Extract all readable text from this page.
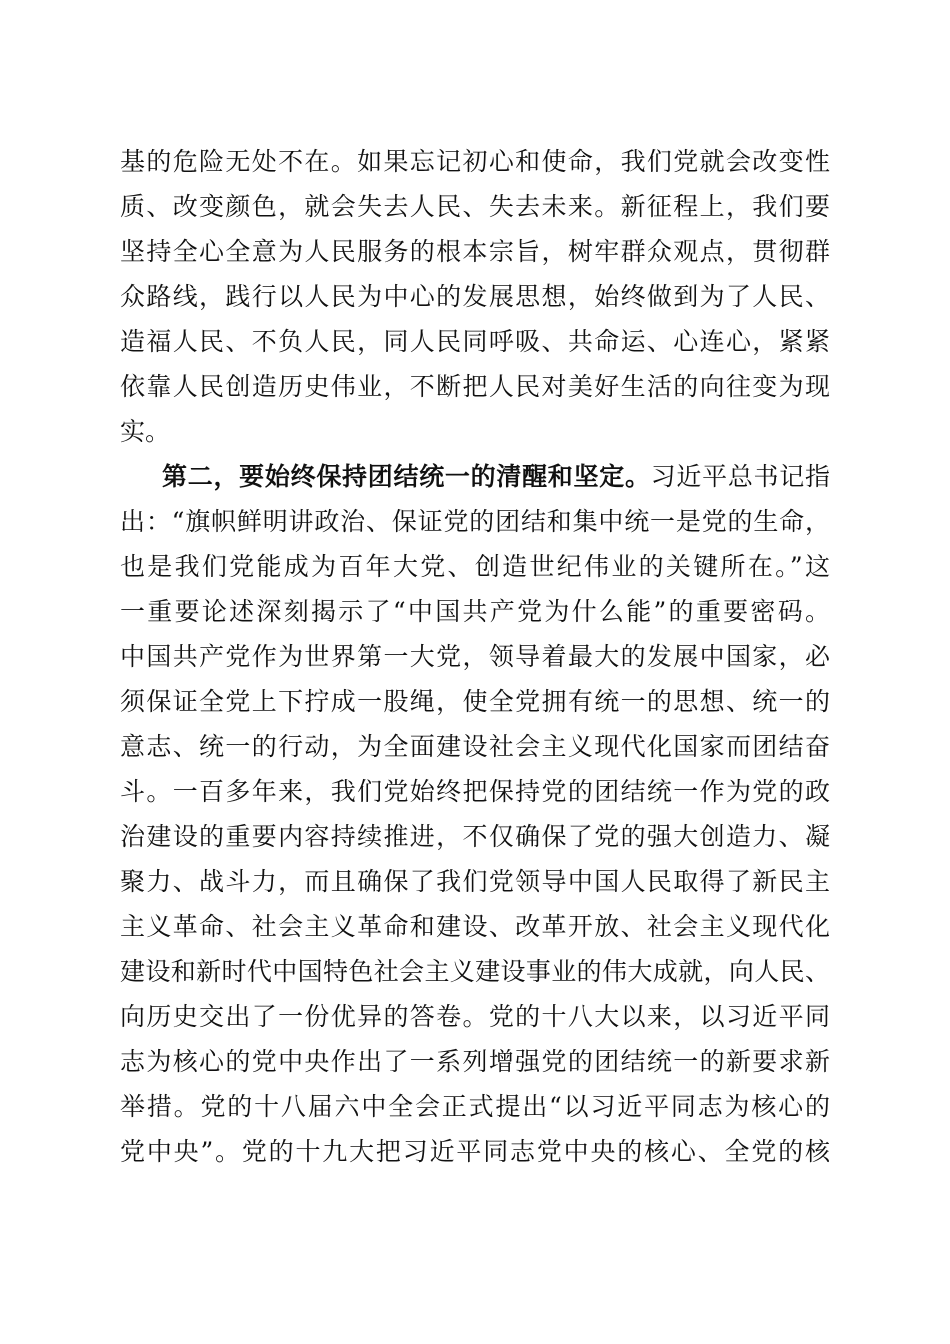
基的危险无处不在。如果忘记初心和使命，我们党就会改变性
质、改变颜色，就会失去人民、失去未来。新征程上，我们要
坚持全心全意为人民服务的根本宗旨，树牢群众观点，贯彻群
众路线，践行以人民为中心的发展思想，始终做到为了人民、
造福人民、不负人民，同人民同呼吸、共命运、心连心，紧紧
依靠人民创造历史伟业，不断把人民对美好生活的向往变为现
实。
第二，要始终保持团结统一的清醒和坚定。习近平总书记指
出：“旗帜鲜明讲政治、保证党的团结和集中统一是党的生命，
也是我们党能成为百年大党、创造世纪伟业的关键所在。”这
一重要论述深刻揭示了“中国共产党为什么能”的重要密码。
中国共产党作为世界第一大党，领导着最大的发展中国家，必
须保证全党上下拧成一股绳，使全党拥有统一的思想、统一的
意志、统一的行动，为全面建设社会主义现代化国家而团结奋
斗。一百多年来，我们党始终把保持党的团结统一作为党的政
治建设的重要内容持续推进，不仅确保了党的强大创造力、凝
聚力、战斗力，而且确保了我们党领导中国人民取得了新民主
主义革命、社会主义革命和建设、改革开放、社会主义现代化
建设和新时代中国特色社会主义建设事业的伟大成就，向人民、
向历史交出了一份优异的答卷。党的十八大以来，以习近平同
志为核心的党中央作出了一系列增强党的团结统一的新要求新
举措。党的十八届六中全会正式提出“以习近平同志为核心的
党中央”。党的十九大把习近平同志党中央的核心、全党的核
